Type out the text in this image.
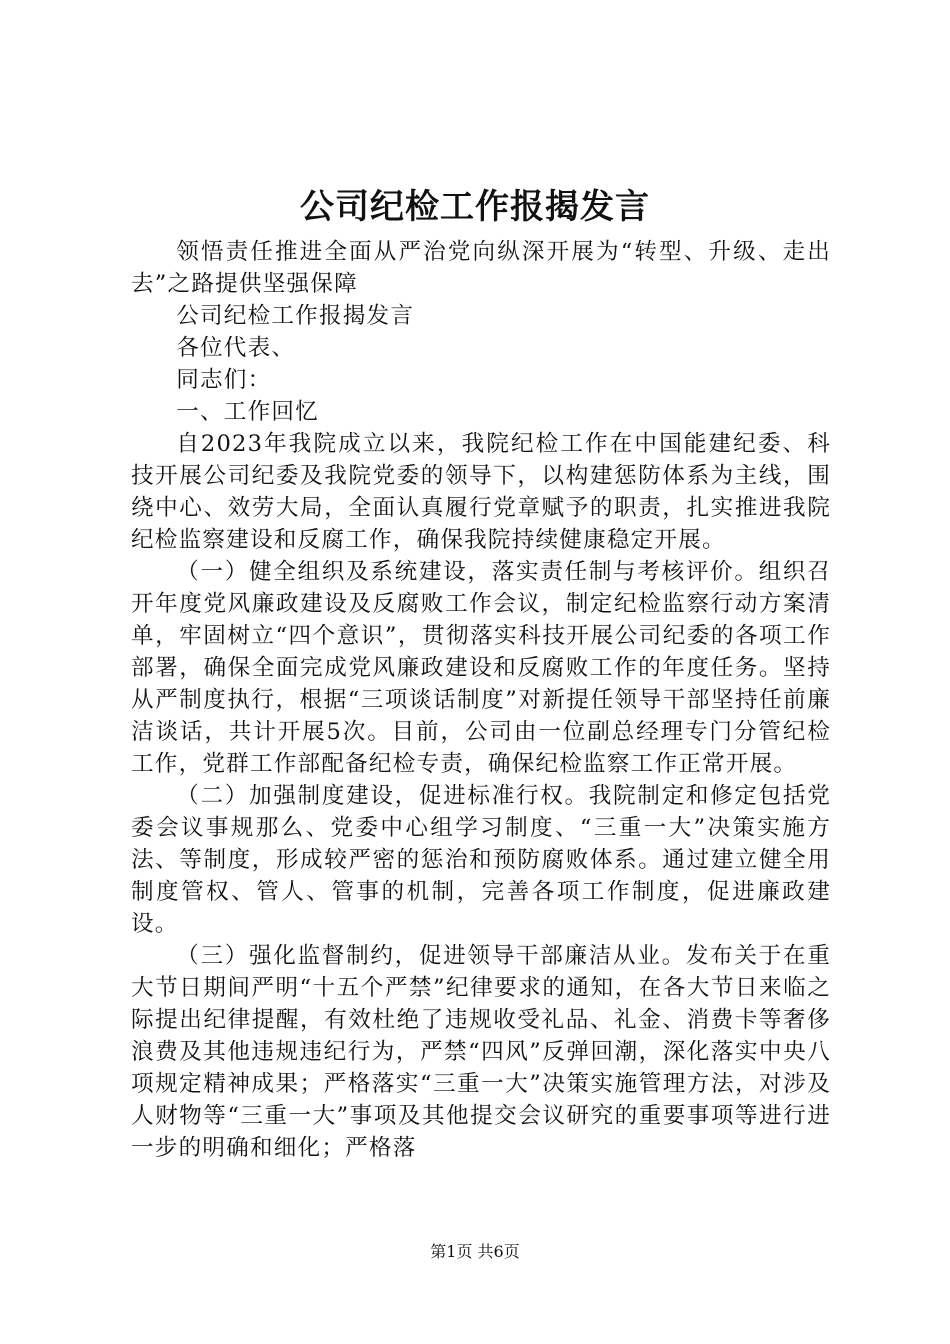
公司纪检工作报揭发言

领悟责任推进全面从严治党向纵深开展为“转型、升级、走出去”之路提供坚强保障

公司纪检工作报揭发言

各位代表、

同志们：

一、工作回忆

自2023年我院成立以来，我院纪检工作在中国能建纪委、科技开展公司纪委及我院党委的领导下，以构建惩防体系为主线，围绕中心、效劳大局，全面认真履行党章赋予的职责，扎实推进我院纪检监察建设和反腐工作，确保我院持续健康稳定开展。

（一）健全组织及系统建设，落实责任制与考核评价。组织召开年度党风廉政建设及反腐败工作会议，制定纪检监察行动方案清单，牢固树立“四个意识”，贯彻落实科技开展公司纪委的各项工作部署，确保全面完成党风廉政建设和反腐败工作的年度任务。坚持从严制度执行，根据“三项谈话制度”对新提任领导干部坚持任前廉洁谈话，共计开展5次。目前，公司由一位副总经理专门分管纪检工作，党群工作部配备纪检专责，确保纪检监察工作正常开展。

（二）加强制度建设，促进标准行权。我院制定和修定包括党委会议事规那么、党委中心组学习制度、“三重一大”决策实施方法、等制度，形成较严密的惩治和预防腐败体系。通过建立健全用制度管权、管人、管事的机制，完善各项工作制度，促进廉政建设。

（三）强化监督制约，促进领导干部廉洁从业。发布关于在重大节日期间严明“十五个严禁”纪律要求的通知，在各大节日来临之际提出纪律提醒，有效杜绝了违规收受礼品、礼金、消费卡等奢侈浪费及其他违规违纪行为，严禁“四风”反弹回潮，深化落实中央八项规定精神成果；严格落实“三重一大”决策实施管理方法，对涉及人财物等“三重一大”事项及其他提交会议研究的重要事项等进行进一步的明确和细化；严格落

第1页 共6页
